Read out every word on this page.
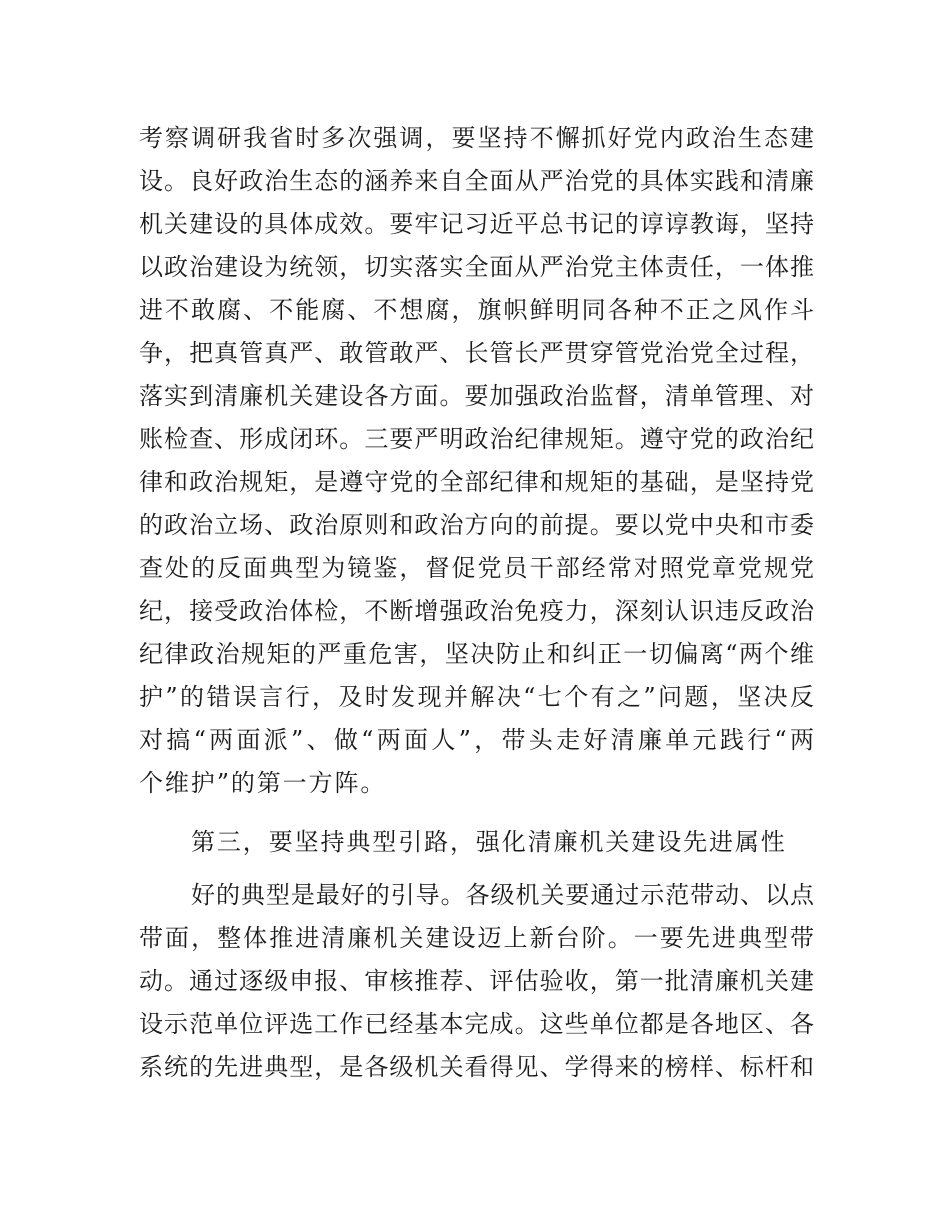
考察调研我省时多次强调，要坚持不懈抓好党内政治生态建
设。良好政治生态的涵养来自全面从严治党的具体实践和清廉
机关建设的具体成效。要牢记习近平总书记的谆谆教诲，坚持
以政治建设为统领，切实落实全面从严治党主体责任，一体推
进不敢腐、不能腐、不想腐，旗帜鲜明同各种不正之风作斗
争，把真管真严、敢管敢严、长管长严贯穿管党治党全过程，
落实到清廉机关建设各方面。要加强政治监督，清单管理、对
账检查、形成闭环。三要严明政治纪律规矩。遵守党的政治纪
律和政治规矩，是遵守党的全部纪律和规矩的基础，是坚持党
的政治立场、政治原则和政治方向的前提。要以党中央和市委
查处的反面典型为镜鉴，督促党员干部经常对照党章党规党
纪，接受政治体检，不断增强政治免疫力，深刻认识违反政治
纪律政治规矩的严重危害，坚决防止和纠正一切偏离“两个维
护”的错误言行，及时发现并解决“七个有之”问题，坚决反
对搞“两面派”、做“两面人”，带头走好清廉单元践行“两
个维护”的第一方阵。
第三，要坚持典型引路，强化清廉机关建设先进属性
好的典型是最好的引导。各级机关要通过示范带动、以点
带面，整体推进清廉机关建设迈上新台阶。一要先进典型带
动。通过逐级申报、审核推荐、评估验收，第一批清廉机关建
设示范单位评选工作已经基本完成。这些单位都是各地区、各
系统的先进典型，是各级机关看得见、学得来的榜样、标杆和
